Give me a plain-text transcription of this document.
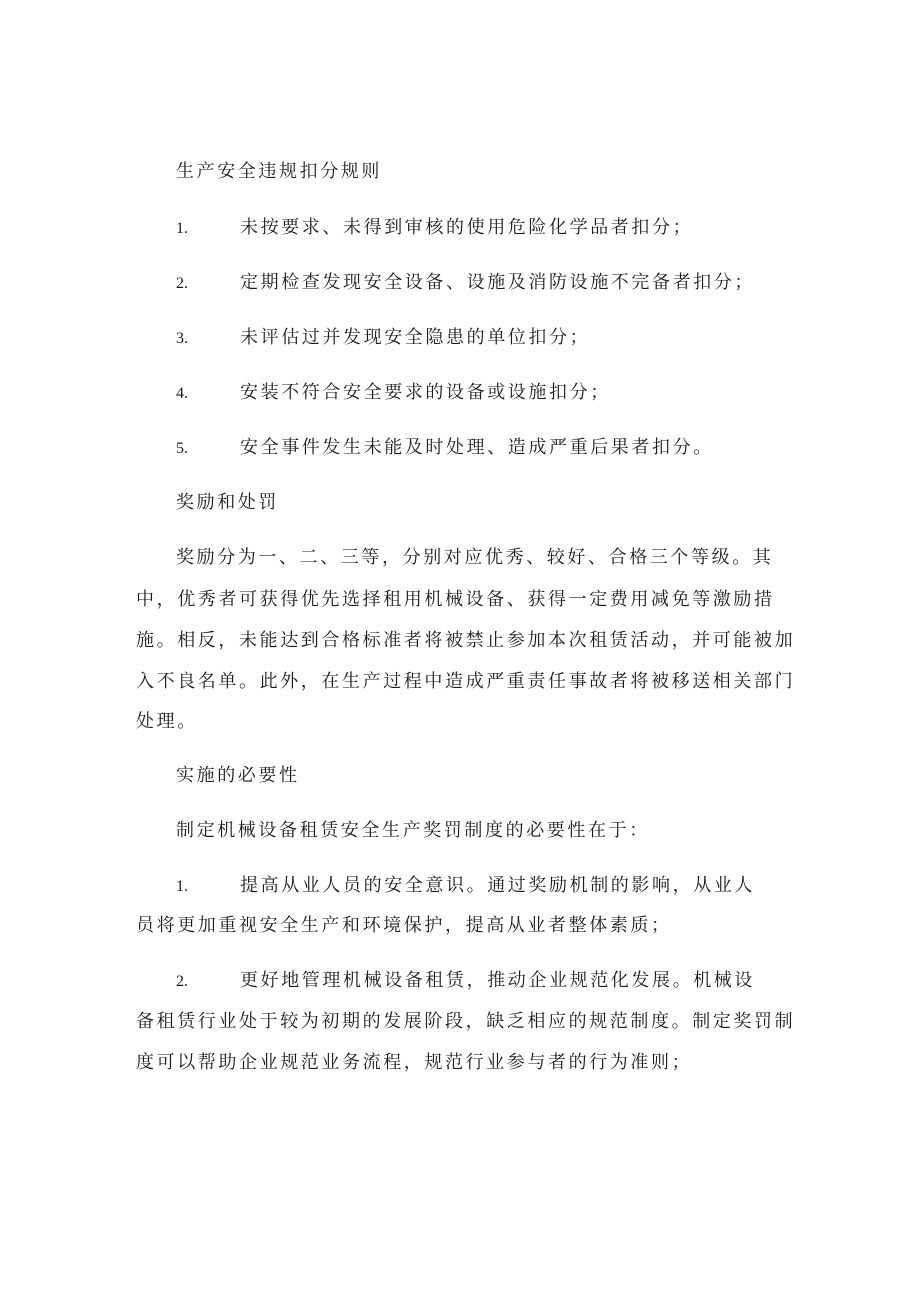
生产安全违规扣分规则
1.	未按要求、未得到审核的使用危险化学品者扣分；
2.	定期检查发现安全设备、设施及消防设施不完备者扣分；
3.	未评估过并发现安全隐患的单位扣分；
4.	安装不符合安全要求的设备或设施扣分；
5.	安全事件发生未能及时处理、造成严重后果者扣分。
奖励和处罚
奖励分为一、二、三等，分别对应优秀、较好、合格三个等级。其
中，优秀者可获得优先选择租用机械设备、获得一定费用减免等激励措
施。相反，未能达到合格标准者将被禁止参加本次租赁活动，并可能被加
入不良名单。此外，在生产过程中造成严重责任事故者将被移送相关部门
处理。
实施的必要性
制定机械设备租赁安全生产奖罚制度的必要性在于：
1.	提高从业人员的安全意识。通过奖励机制的影响，从业人
员将更加重视安全生产和环境保护，提高从业者整体素质；
2.	更好地管理机械设备租赁，推动企业规范化发展。机械设
备租赁行业处于较为初期的发展阶段，缺乏相应的规范制度。制定奖罚制
度可以帮助企业规范业务流程，规范行业参与者的行为准则；
